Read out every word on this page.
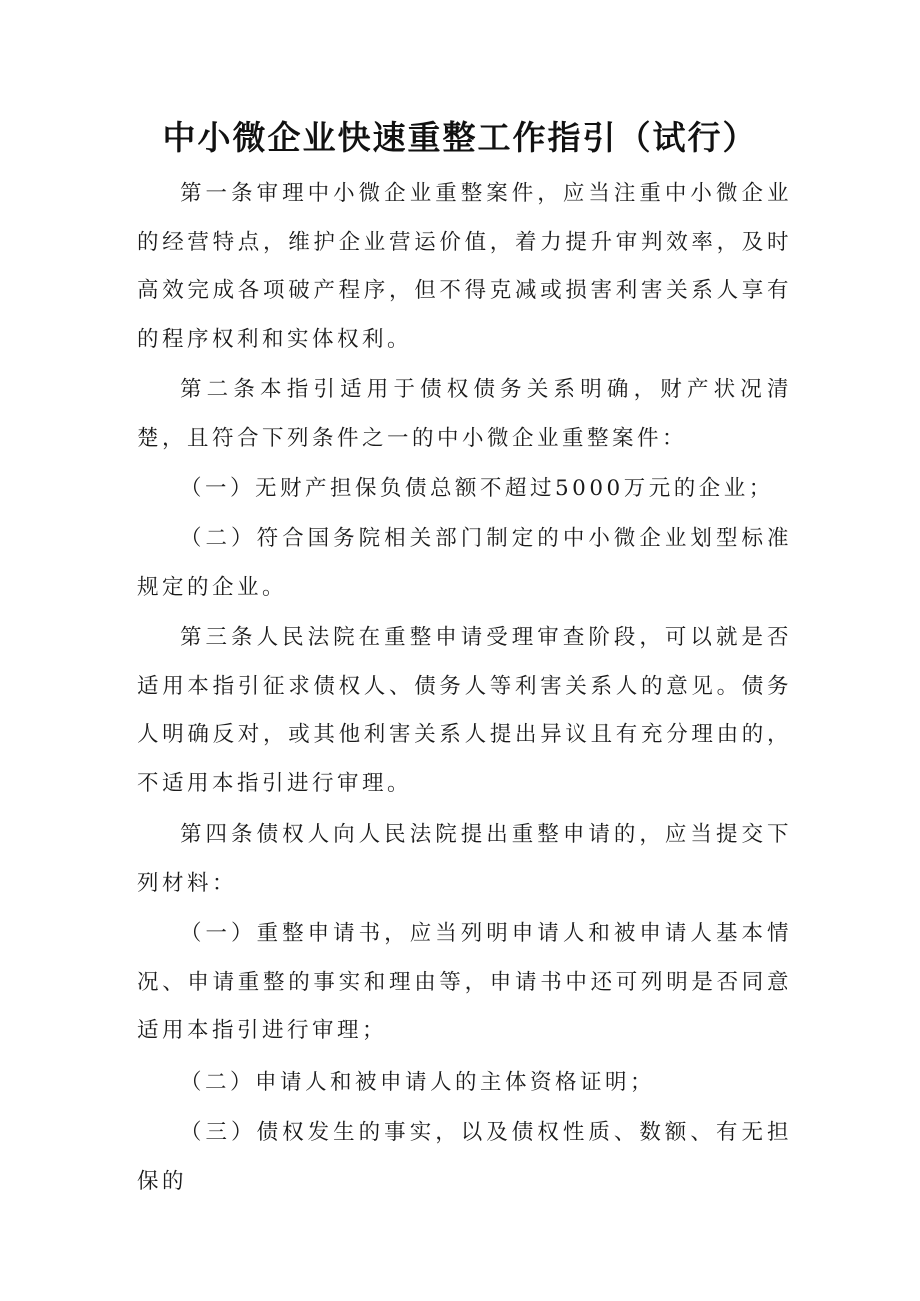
中小微企业快速重整工作指引（试行）

第一条审理中小微企业重整案件，应当注重中小微企业的经营特点，维护企业营运价值，着力提升审判效率，及时高效完成各项破产程序，但不得克减或损害利害关系人享有的程序权利和实体权利。

第二条本指引适用于债权债务关系明确，财产状况清楚，且符合下列条件之一的中小微企业重整案件：

（一）无财产担保负债总额不超过5000万元的企业；

（二）符合国务院相关部门制定的中小微企业划型标准规定的企业。

第三条人民法院在重整申请受理审查阶段，可以就是否适用本指引征求债权人、债务人等利害关系人的意见。债务人明确反对，或其他利害关系人提出异议且有充分理由的，不适用本指引进行审理。

第四条债权人向人民法院提出重整申请的，应当提交下列材料：

（一）重整申请书，应当列明申请人和被申请人基本情况、申请重整的事实和理由等，申请书中还可列明是否同意适用本指引进行审理；

（二）申请人和被申请人的主体资格证明；

（三）债权发生的事实，以及债权性质、数额、有无担保的
